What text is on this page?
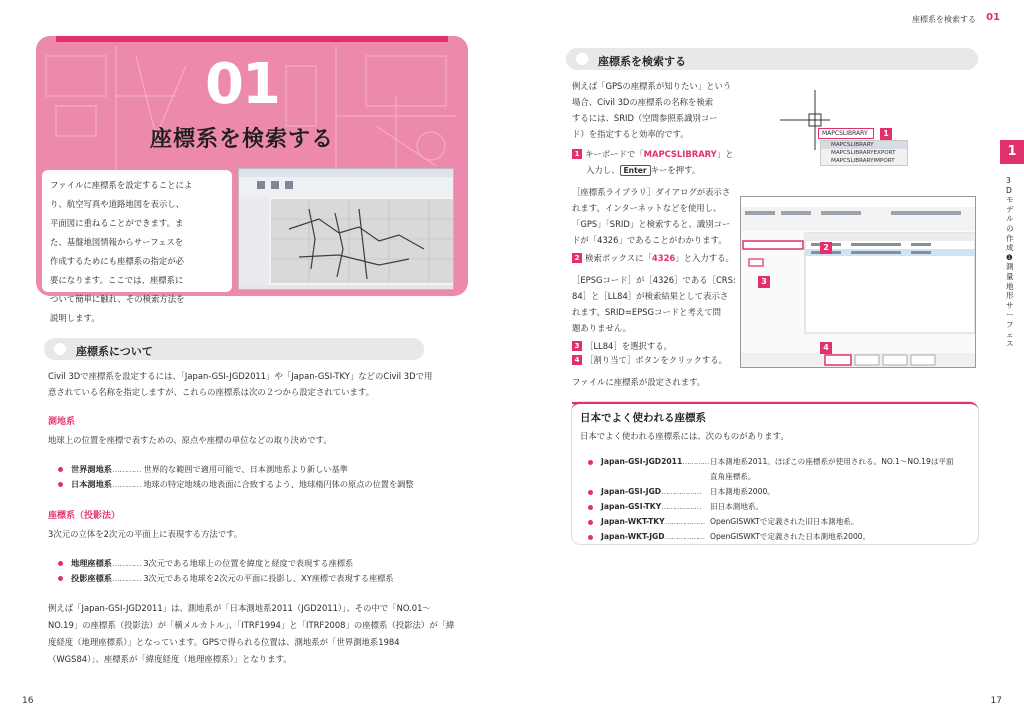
座標系を検索する 01
01
座標系を検索する
ファイルに座標系を設定することによ
り、航空写真や道路地図を表示し、
平面図に重ねることができます。ま
た、基盤地図情報からサーフェスを
作成するためにも座標系の指定が必
要になります。ここでは、座標系に
ついて簡単に触れ、その検索方法を
説明します。
座標系について
Civil 3Dで座標系を設定するには、「Japan-GSI-JGD2011」や「Japan-GSI-TKY」などのCivil 3Dで用
意されている名称を指定しますが、これらの座標系は次の２つから設定されています。
測地系
地球上の位置を座標で表すための、原点や座標の単位などの取り決めです。
世界測地系………… 世界的な範囲で適用可能で、日本測地系より新しい基準
日本測地系………… 地球の特定地域の地表面に合致するよう、地球楕円体の原点の位置を調整
座標系（投影法）
3次元の立体を2次元の平面上に表現する方法です。
地理座標系………… 3次元である地球上の位置を緯度と経度で表現する座標系
投影座標系………… 3次元である地球を2次元の平面に投影し、XY座標で表現する座標系
例えば「Japan-GSI-JGD2011」は、測地系が「日本測地系2011（JGD2011）」、その中で「NO.01～
NO.19」の座標系（投影法）が「横メルカトル」、「ITRF1994」と「ITRF2008」の座標系（投影法）が「緯
度経度（地理座標系）」となっています。GPSで得られる位置は、測地系が「世界測地系1984
（WGS84）」、座標系が「緯度経度（地理座標系）」となります。
16
1
3Dモデルの作成❶ 測量地形サーフェス
座標系を検索する
例えば「GPSの座標系が知りたい」という
場合、Civil 3Dの座標系の名称を検索
するには、SRID（空間参照系識別コー
ド）を指定すると効率的です。
1 キーボードで「MAPCSLIBRARY」と
入力し、 Enter キーを押す。
［座標系ライブラリ］ダイアログが表示さ
れます。インターネットなどを使用し、
「GPS」「SRID」と検索すると、識別コー
ドが「4326」であることがわかります。
2 検索ボックスに「4326」と入力する。
［EPSGコード］が［4326］である［CRS:
84］と［LL84］が検索結果として表示さ
れます。SRID=EPSGコードと考えて問
題ありません。
3 ［LL84］を選択する。
4 ［割り当て］ボタンをクリックする。
ファイルに座標系が設定されます。
MAPCSLIBRARY	1
MAPCSLIBRARY
MAPCSLIBRARYEXPORT
MAPCSLIBRARYIMPORT
2
3
4
日本でよく使われる座標系
日本でよく使われる座標系には、次のものがあります。
Japan-GSI-JGD2011………… 日本測地系2011。ほぼこの座標系が使用される。NO.1～NO.19は平面
直角座標系。
Japan-GSI-JGD………………	日本測地系2000。
Japan-GSI-TKY………………	旧日本測地系。
Japan-WKT-TKY……………… OpenGISWKTで定義された旧日本測地系。
Japan-WKT-JGD……………… OpenGISWKTで定義された日本測地系2000。
17
